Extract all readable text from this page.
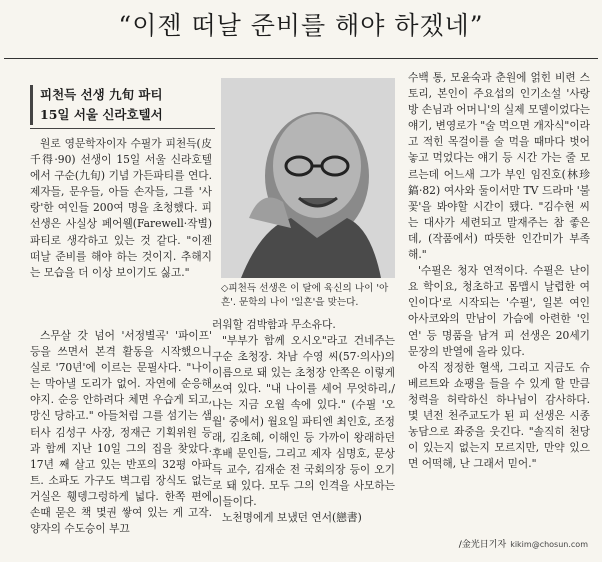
“이젠 떠날 준비를 해야 하겠네”
피천득 선생 九旬 파티
15일 서울 신라호텔서

원로 영문학자이자 수필가 피천득(皮千得·90) 선생이 15일 서울 신라호텔에서 구순(九旬) 기념 가든파티를 연다. 제자들, 문우들, 아들 손자들, 그를 '사랑'한 여인들 200여 명을 초청했다. 피 선생은 사실상 페어웰(Farewell·작별) 파티로 생각하고 있는 것 같다. "이젠 떠날 준비를 해야 하는 것이지. 추해지는 모습을 더 이상 보이기도 싫고."

스무살 갓 넘어 '서정별곡' '파이프' 등을 쓰면서 본격 활동을 시작했으니 실로 '70년'에 이르는 문필사다. "나이는 막아낼 도리가 없어. 자연에 순응해야지. 순응 안하려다 체면 우습게 되고, 망신 당하고." 아들처럼 그를 섬기는 샘터사 김성구 사장, 정재근 기획위원 등과 함께 지난 10일 그의 집을 찾았다. 17년 째 살고 있는 반포의 32평 아파트. 소파도 가구도 벽그림 장식도 없는 거실은 휑뎅그렁하게 넓다. 한쪽 편에 손때 묻은 책 몇권 쌓여 있는 게 고작. 양자의 수도승이 부끄

◇피천득 선생은 이 달에 육신의 나이 '아흔'. 문학의 나이 '일흔'을 맞는다.

러워할 검박함과 무소유다.

"부부가 함께 오시오"라고 건네주는 구순 초청장. 차남 수영 씨(57·의사)의 이름으로 돼 있는 초청장 안쪽은 이렇게 쓰여 있다. "내 나이를 세어 무엇하리,/ 나는 지금 오월 속에 있다." (수필 '오월' 중에서) 월요일 파티엔 최인호, 조정래, 김초혜, 이해인 등 가까이 왕래하던 후배 문인들, 그리고 제자 심명호, 문상득 교수, 김재순 전 국회의장 등이 오기로 돼 있다. 모두 그의 인격을 사모하는 이들이다.

노천명에게 보냈던 연서(戀書)

수백 통, 모윤숙과 춘원에 얽힌 비련 스토리, 본인이 주요섭의 인기소설 '사랑방 손님과 어머니'의 실제 모델이었다는 얘기, 변영로가 "술 먹으면 개자식"이라고 적힌 목걸이를 술 먹을 때마다 벗어놓고 먹었다는 얘기 등 시간 가는 줄 모르는데 어느새 그가 부인 임진호(林珍鎬·82) 여사와 둘이서만 TV 드라마 '불꽃'을 봐야할 시간이 됐다. "김수현 씨는 대사가 세련되고 말재주는 참 좋은데, (작품에서) 따뜻한 인간미가 부족해."

'수필은 청자 연적이다. 수필은 난이요 학이요, 청초하고 몸맵시 날렵한 여인이다'로 시작되는 '수필', 일본 여인 아사코와의 만남이 가슴에 아련한 '인연' 등 명품을 남겨 피 선생은 20세기 문장의 반열에 올라 있다.

아직 정정한 혈색, 그리고 지금도 슈베르트와 쇼팽을 들을 수 있게 할 만큼 청력을 허락하신 하나님이 감사하다. 몇 년전 천주교도가 된 피 선생은 시종 농담으로 좌중을 웃긴다. "솔직히 천당이 있는지 없는지 모르지만, 만약 있으면 어떡해, 난 그래서 믿어."

/金光日기자 kikim@chosun.com
